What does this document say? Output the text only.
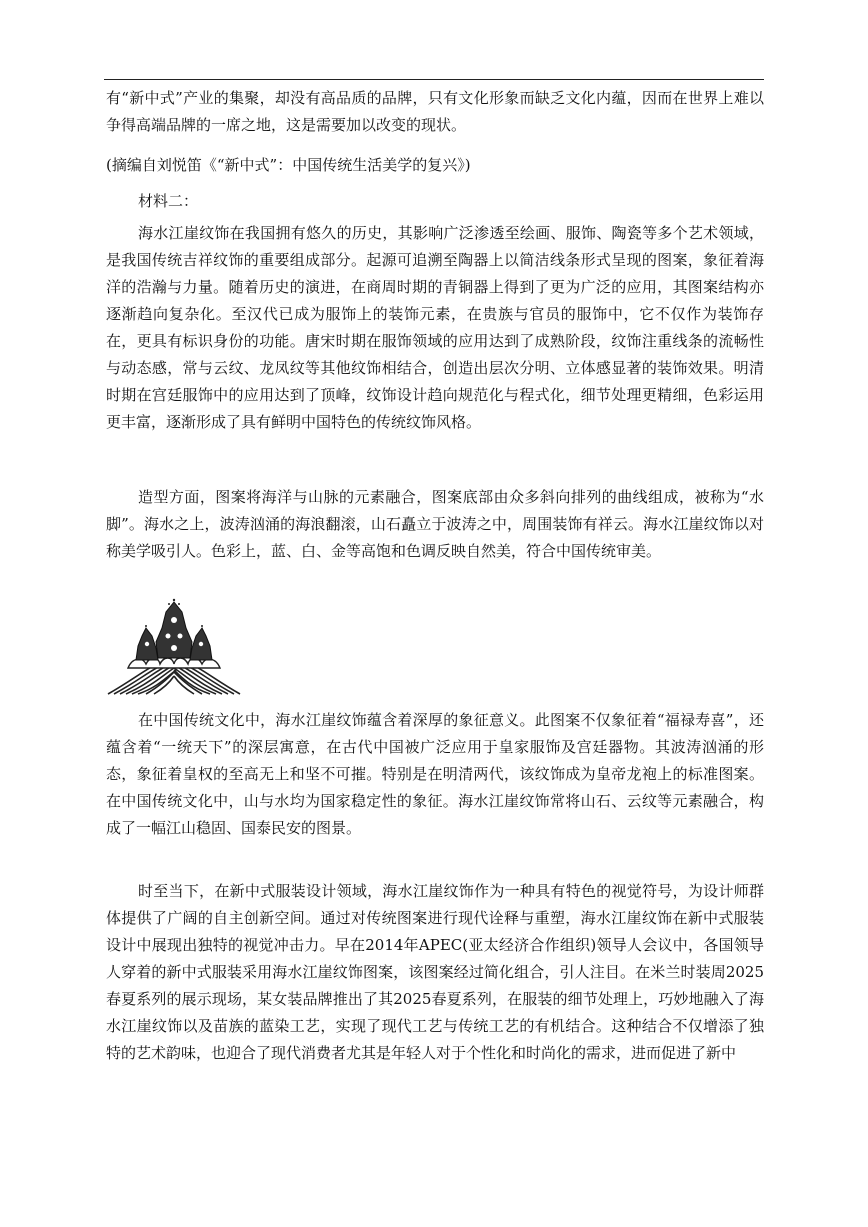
有“新中式”产业的集聚，却没有高品质的品牌，只有文化形象而缺乏文化内蕴，因而在世界上难以争得高端品牌的一席之地，这是需要加以改变的现状。

(摘编自刘悦笛《“新中式”：中国传统生活美学的复兴》)

材料二：

海水江崖纹饰在我国拥有悠久的历史，其影响广泛渗透至绘画、服饰、陶瓷等多个艺术领域，是我国传统吉祥纹饰的重要组成部分。起源可追溯至陶器上以简洁线条形式呈现的图案，象征着海洋的浩瀚与力量。随着历史的演进，在商周时期的青铜器上得到了更为广泛的应用，其图案结构亦逐渐趋向复杂化。至汉代已成为服饰上的装饰元素，在贵族与官员的服饰中，它不仅作为装饰存在，更具有标识身份的功能。唐宋时期在服饰领域的应用达到了成熟阶段，纹饰注重线条的流畅性与动态感，常与云纹、龙凤纹等其他纹饰相结合，创造出层次分明、立体感显著的装饰效果。明清时期在宫廷服饰中的应用达到了顶峰，纹饰设计趋向规范化与程式化，细节处理更精细，色彩运用更丰富，逐渐形成了具有鲜明中国特色的传统纹饰风格。

造型方面，图案将海洋与山脉的元素融合，图案底部由众多斜向排列的曲线组成，被称为“水脚”。海水之上，波涛汹涌的海浪翻滚，山石矗立于波涛之中，周围装饰有祥云。海水江崖纹饰以对称美学吸引人。色彩上，蓝、白、金等高饱和色调反映自然美，符合中国传统审美。

在中国传统文化中，海水江崖纹饰蕴含着深厚的象征意义。此图案不仅象征着“福禄寿喜”，还蕴含着“一统天下”的深层寓意，在古代中国被广泛应用于皇家服饰及宫廷器物。其波涛汹涌的形态，象征着皇权的至高无上和坚不可摧。特别是在明清两代，该纹饰成为皇帝龙袍上的标准图案。在中国传统文化中，山与水均为国家稳定性的象征。海水江崖纹饰常将山石、云纹等元素融合，构成了一幅江山稳固、国泰民安的图景。

时至当下，在新中式服装设计领域，海水江崖纹饰作为一种具有特色的视觉符号，为设计师群体提供了广阔的自主创新空间。通过对传统图案进行现代诠释与重塑，海水江崖纹饰在新中式服装设计中展现出独特的视觉冲击力。早在2014年APEC(亚太经济合作组织)领导人会议中，各国领导人穿着的新中式服装采用海水江崖纹饰图案，该图案经过简化组合，引人注目。在米兰时装周2025春夏系列的展示现场，某女装品牌推出了其2025春夏系列，在服装的细节处理上，巧妙地融入了海水江崖纹饰以及苗族的蓝染工艺，实现了现代工艺与传统工艺的有机结合。这种结合不仅增添了独特的艺术韵味，也迎合了现代消费者尤其是年轻人对于个性化和时尚化的需求，进而促进了新中
